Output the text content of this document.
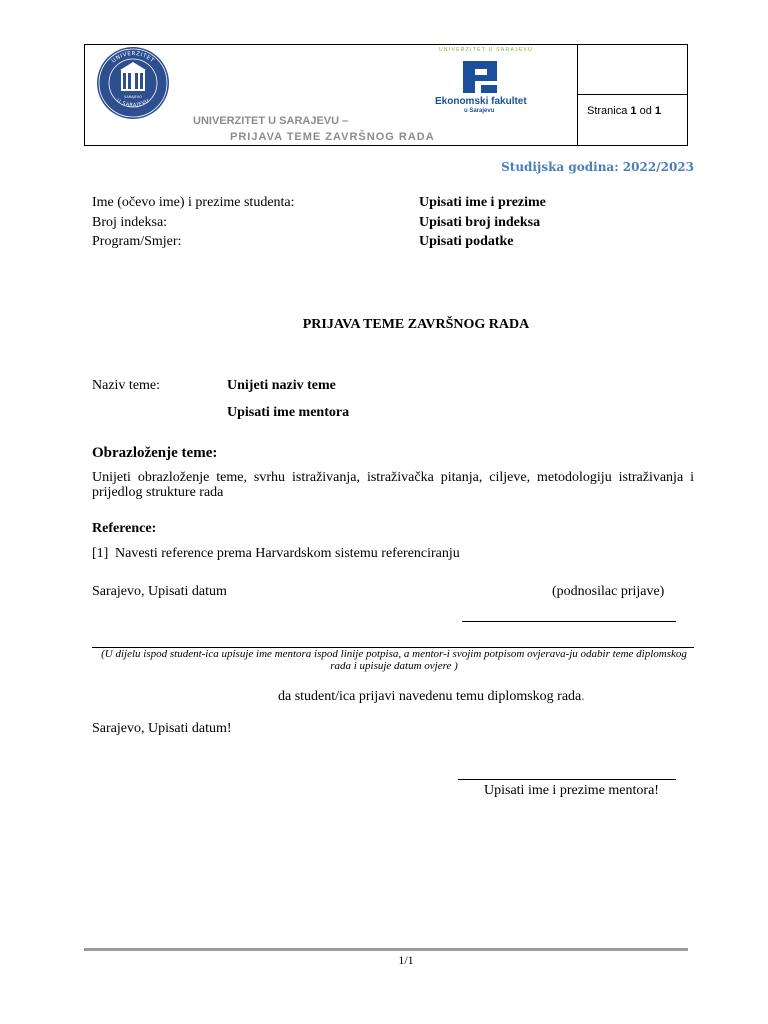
UNIVERZITET
U SARAJEVU
SARAJEVO
UNIVERZITET U SARAJEVU
Ekonomski fakultet
u Sarajevu
UNIVERZITET U SARAJEVU –
PRIJAVA TEME ZAVRŠNOG RADA
Stranica 1 od 1
Studijska godina: 2022/2023
Ime (očevo ime) i prezime studenta:	Upisati ime i prezime
Broj indeksa:	Upisati broj indeksa
Program/Smjer:	Upisati podatke
PRIJAVA TEME ZAVRŠNOG RADA
Naziv teme:	Unijeti naziv teme
Upisati ime mentora
Obrazloženje teme:
Unijeti obrazloženje teme, svrhu istraživanja, istraživačka pitanja, ciljeve, metodologiju istraživanja i prijedlog strukture rada
Reference:
[1] Navesti reference prema Harvardskom sistemu referenciranju
Sarajevo, Upisati datum	(podnosilac prijave)
(U dijelu ispod student-ica upisuje ime mentora ispod linije potpisa, a mentor-i svojim potpisom ovjerava-ju odabir teme diplomskog rada i upisuje datum ovjere )
da student/ica prijavi navedenu temu diplomskog rada.
Sarajevo, Upisati datum!
Upisati ime i prezime mentora!
1/1
